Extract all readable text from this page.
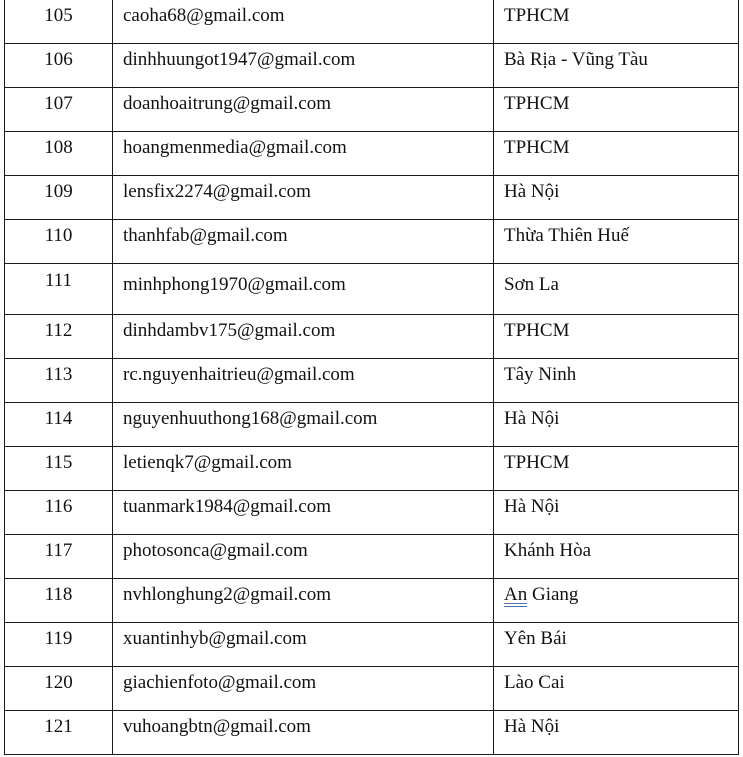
105	caoha68@gmail.com	TPHCM
106	dinhhuungot1947@gmail.com	Bà Rịa - Vũng Tàu
107	doanhoaitrung@gmail.com	TPHCM
108	hoangmenmedia@gmail.com	TPHCM
109	lensfix2274@gmail.com	Hà Nội
110	thanhfab@gmail.com	Thừa Thiên Huế
111	minhphong1970@gmail.com	Sơn La
112	dinhdambv175@gmail.com	TPHCM
113	rc.nguyenhaitrieu@gmail.com	Tây Ninh
114	nguyenhuuthong168@gmail.com	Hà Nội
115	letienqk7@gmail.com	TPHCM
116	tuanmark1984@gmail.com	Hà Nội
117	photosonca@gmail.com	Khánh Hòa
118	nvhlonghung2@gmail.com	An Giang
119	xuantinhyb@gmail.com	Yên Bái
120	giachienfoto@gmail.com	Lào Cai
121	vuhoangbtn@gmail.com	Hà Nội
